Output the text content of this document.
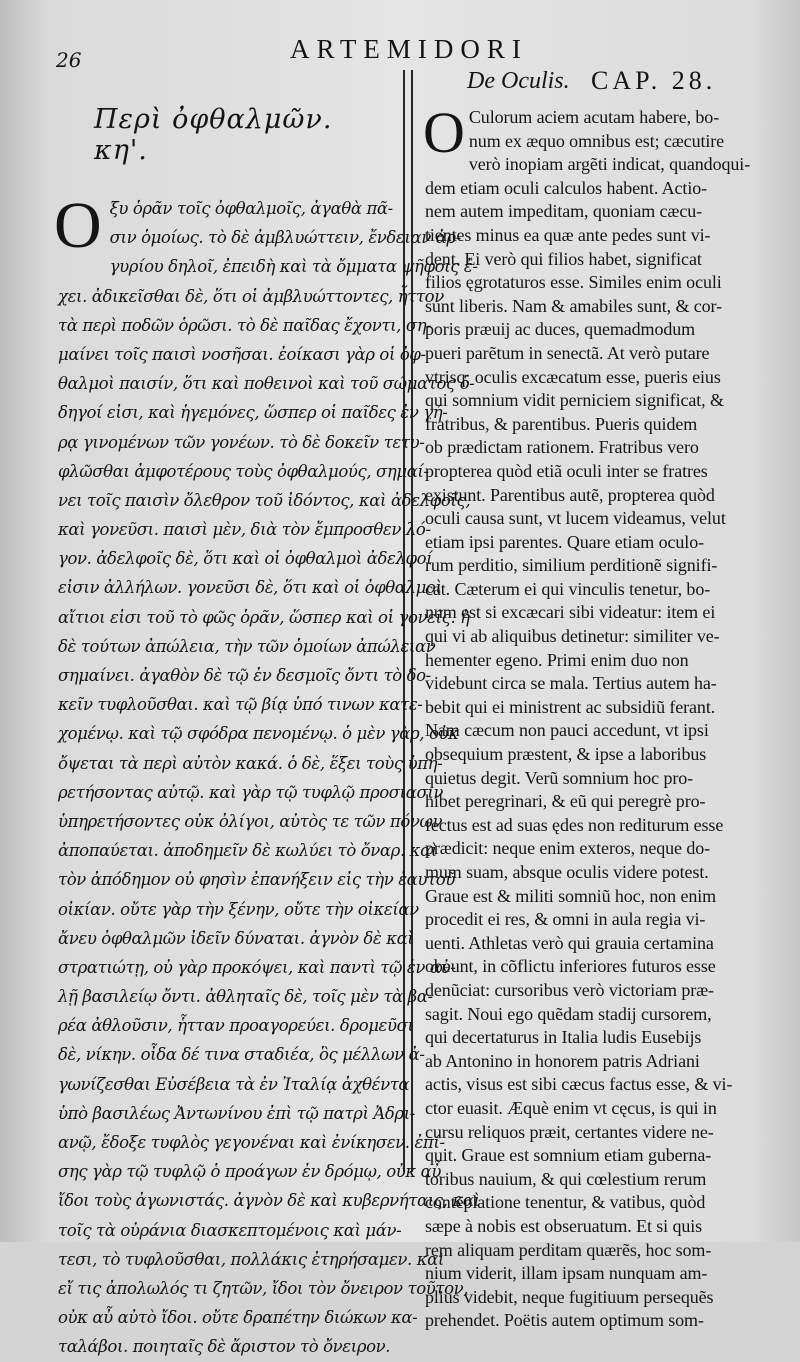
26	ARTEMIDORI
Περὶ ὀφθαλμῶν. κη'.
Ο ξυ ὁρᾶν τοῖς ὀφθαλμοῖς, ἀγαθὰ πᾶ-
σιν ὁμοίως. τὸ δὲ ἀμβλυώττειν, ἔνδειαν ἀρ-
γυρίου δηλοῖ, ἐπειδὴ καὶ τὰ ὄμματα ψῆφοις ἐ-
χει. ἀδικεῖσθαι δὲ, ὅτι οἱ ἀμβλυώττοντες, ἧττον
τὰ περὶ ποδῶν ὁρῶσι. τὸ δὲ παῖδας ἔχοντι, ση-
μαίνει τοῖς παισὶ νοσῆσαι. ἐοίκασι γὰρ οἱ ὀφ-
θαλμοὶ παισίν, ὅτι καὶ ποθεινοὶ καὶ τοῦ σώματος ὁ-
δηγοί εἰσι, καὶ ἡγεμόνες, ὥσπερ οἱ παῖδες ἐν γή-
ρᾳ γινομένων τῶν γονέων. τὸ δὲ δοκεῖν τετυ-
φλῶσθαι ἀμφοτέρους τοὺς ὀφθαλμούς, σημαί-
νει τοῖς παισὶν ὄλεθρον τοῦ ἰδόντος, καὶ ἀδελφοῖς,
καὶ γονεῦσι. παισὶ μὲν, διὰ τὸν ἔμπροσθεν λό-
γον. ἀδελφοῖς δὲ, ὅτι καὶ οἱ ὀφθαλμοὶ ἀδελφοί
εἰσιν ἀλλήλων. γονεῦσι δὲ, ὅτι καὶ οἱ ὀφθαλμοὶ
αἴτιοι εἰσι τοῦ τὸ φῶς ὁρᾶν, ὥσπερ καὶ οἱ γονεῖς. ἡ
δὲ τούτων ἀπώλεια, τὴν τῶν ὁμοίων ἀπώλειαν
σημαίνει. ἀγαθὸν δὲ τῷ ἐν δεσμοῖς ὄντι τὸ δο-
κεῖν τυφλοῦσθαι. καὶ τῷ βίᾳ ὑπό τινων κατε-
χομένῳ. καὶ τῷ σφόδρα πενομένῳ. ὁ μὲν γὰρ, οὐκ
ὄψεται τὰ περὶ αὐτὸν κακά. ὁ δὲ, ἕξει τοὺς ὑπη-
ρετήσοντας αὐτῷ. καὶ γὰρ τῷ τυφλῷ προσιασιν
ὑπηρετήσοντες οὐκ ὀλίγοι, αὐτὸς τε τῶν πόνων
ἀποπαύεται. ἀποδημεῖν δὲ κωλύει τὸ ὄναρ. καὶ
τὸν ἀπόδημον οὐ φησὶν ἐπανήξειν εἰς τὴν ἑαυτοῦ
οἰκίαν. οὔτε γὰρ τὴν ξένην, οὔτε τὴν οἰκείαν
ἄνευ ὀφθαλμῶν ἰδεῖν δύναται. ἀγνὸν δὲ καὶ
στρατιώτῃ, οὐ γὰρ προκόψει, καὶ παντὶ τῷ ἐν αὐ-
λῇ βασιλείῳ ὄντι. ἀθληταῖς δὲ, τοῖς μὲν τὰ βα-
ρέα ἀθλοῦσιν, ἧτταν προαγορεύει. δρομεῦσι
δὲ, νίκην. οἶδα δέ τινα σταδιέα, ὃς μέλλων ἀ-
γωνίζεσθαι Εὐσέβεια τὰ ἐν Ἰταλίᾳ ἀχθέντα
ὑπὸ βασιλέως Ἀντωνίνου ἐπὶ τῷ πατρὶ Ἀδρι-
ανῷ, ἔδοξε τυφλὸς γεγονέναι καὶ ἐνίκησεν. ἐπί-
σης γὰρ τῷ τυφλῷ ὁ προάγων ἐν δρόμῳ, οὐκ αὖ
ἴδοι τοὺς ἀγωνιστάς. ἀγνὸν δὲ καὶ κυβερνήταις, καὶ
τοῖς τὰ οὐράνια διασκεπτομένοις καὶ μάν-
τεσι, τὸ τυφλοῦσθαι, πολλάκις ἐτηρήσαμεν. καὶ
εἴ τις ἀπολωλός τι ζητῶν, ἴδοι τὸν ὄνειρον τοῦτον,
οὐκ αὖ αὐτὸ ἴδοι. οὔτε δραπέτην διώκων κα-
ταλάβοι. ποιηταῖς δὲ ἄριστον τὸ ὄνειρον.
De Oculis. CAP. 28.
O Culorum aciem acutam habere, bo-
num ex æquo omnibus est; cæcutire
verò inopiam argẽti indicat, quandoqui-
dem etiam oculi calculos habent. Actio-
nem autem impeditam, quoniam cæcu-
tientes minus ea quæ ante pedes sunt vi-
dent. Ei verò qui filios habet, significat
filios ęgrotaturos esse. Similes enim oculi
sunt liberis. Nam & amabiles sunt, & cor-
poris præuij ac duces, quemadmodum
pueri parẽtum in senectã. At verò putare
vtrisq; oculis excæcatum esse, pueris eius
qui somnium vidit perniciem significat, &
fratribus, & parentibus. Pueris quidem
ob prædictam rationem. Fratribus vero
propterea quòd etiã oculi inter se fratres
existunt. Parentibus autẽ, propterea quòd
oculi causa sunt, vt lucem videamus, velut
etiam ipsi parentes. Quare etiam oculo-
rum perditio, similium perditionẽ signifi-
cat. Cæterum ei qui vinculis tenetur, bo-
num est si excæcari sibi videatur: item ei
qui vi ab aliquibus detinetur: similiter ve-
hementer egeno. Primi enim duo non
videbunt circa se mala. Tertius autem ha-
bebit qui ei ministrent ac subsidiũ ferant.
Nam cæcum non pauci accedunt, vt ipsi
obsequium præstent, & ipse a laboribus
quietus degit. Verũ somnium hoc pro-
hibet peregrinari, & eũ qui peregrè pro-
fectus est ad suas ędes non rediturum esse
prædicit: neque enim exteros, neque do-
mum suam, absque oculis videre potest.
Graue est & militi somniũ hoc, non enim
procedit ei res, & omni in aula regia vi-
uenti. Athletas verò qui grauia certamina
obeunt, in cõflictu inferiores futuros esse
denũciat: cursoribus verò victoriam præ-
sagit. Noui ego quẽdam stadij cursorem,
qui decertaturus in Italia ludis Eusebijs
ab Antonino in honorem patris Adriani
actis, visus est sibi cæcus factus esse, & vi-
ctor euasit. Æquè enim vt cęcus, is qui in
cursu reliquos præit, certantes videre ne-
quit. Graue est somnium etiam guberna-
toribus nauium, & qui cœlestium rerum
contẽplatione tenentur, & vatibus, quòd
sæpe à nobis est obseruatum. Et si quis
rem aliquam perditam quærẽs, hoc som-
nium viderit, illam ipsam nunquam am-
plius videbit, neque fugitiuum persequẽs
prehendet. Poëtis autem optimum som-
